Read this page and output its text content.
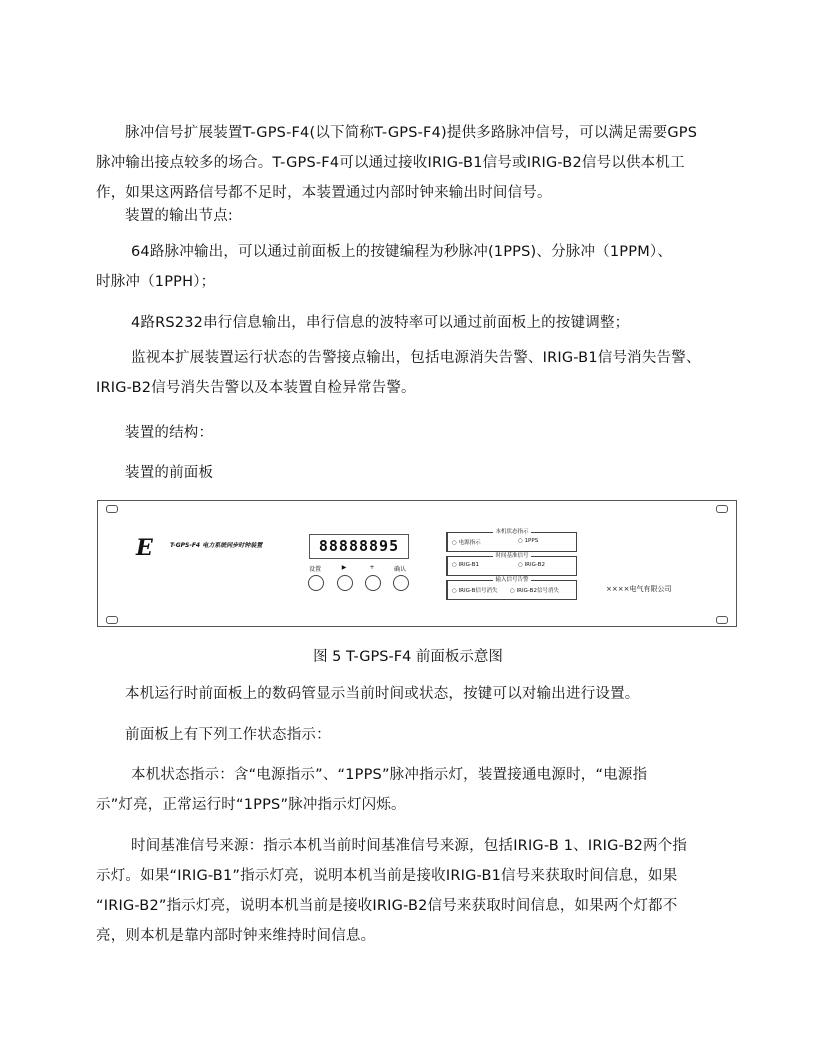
脉冲信号扩展装置T-GPS-F4(以下简称T-GPS-F4)提供多路脉冲信号，可以满足需要GPS
脉冲输出接点较多的场合。T-GPS-F4可以通过接收IRIG-B1信号或IRIG-B2信号以供本机工
作，如果这两路信号都不足时，本装置通过内部时钟来输出时间信号。
装置的输出节点:
64路脉冲输出，可以通过前面板上的按键编程为秒脉冲(1PPS)、分脉冲（1PPM）、
时脉冲（1PPH）；
4路RS232串行信息输出，串行信息的波特率可以通过前面板上的按键调整；
监视本扩展装置运行状态的告警接点输出，包括电源消失告警、IRIG-B1信号消失告警、
IRIG-B2信号消失告警以及本装置自检异常告警。
装置的结构：
装置的前面板
E	T-GPS-F4 电力系统同步时钟装置	88888895
设置	▶	+	确认
本机状态指示
○ 电源指示	○ 1PPS
时间基准信号
○ IRIG-B1	○ IRIG-B2
输入信号告警
○ IRIG-B信号消失 ○ IRIG-B2信号消失	××××电气有限公司
图 5 T-GPS-F4 前面板示意图
本机运行时前面板上的数码管显示当前时间或状态，按键可以对输出进行设置。
前面板上有下列工作状态指示：
本机状态指示：含“电源指示”、“1PPS”脉冲指示灯，装置接通电源时，“电源指
示”灯亮，正常运行时“1PPS”脉冲指示灯闪烁。
时间基准信号来源：指示本机当前时间基准信号来源，包括IRIG-B 1、IRIG-B2两个指
示灯。如果“IRIG-B1”指示灯亮，说明本机当前是接收IRIG-B1信号来获取时间信息，如果
“IRIG-B2”指示灯亮，说明本机当前是接收IRIG-B2信号来获取时间信息，如果两个灯都不
亮，则本机是靠内部时钟来维持时间信息。
